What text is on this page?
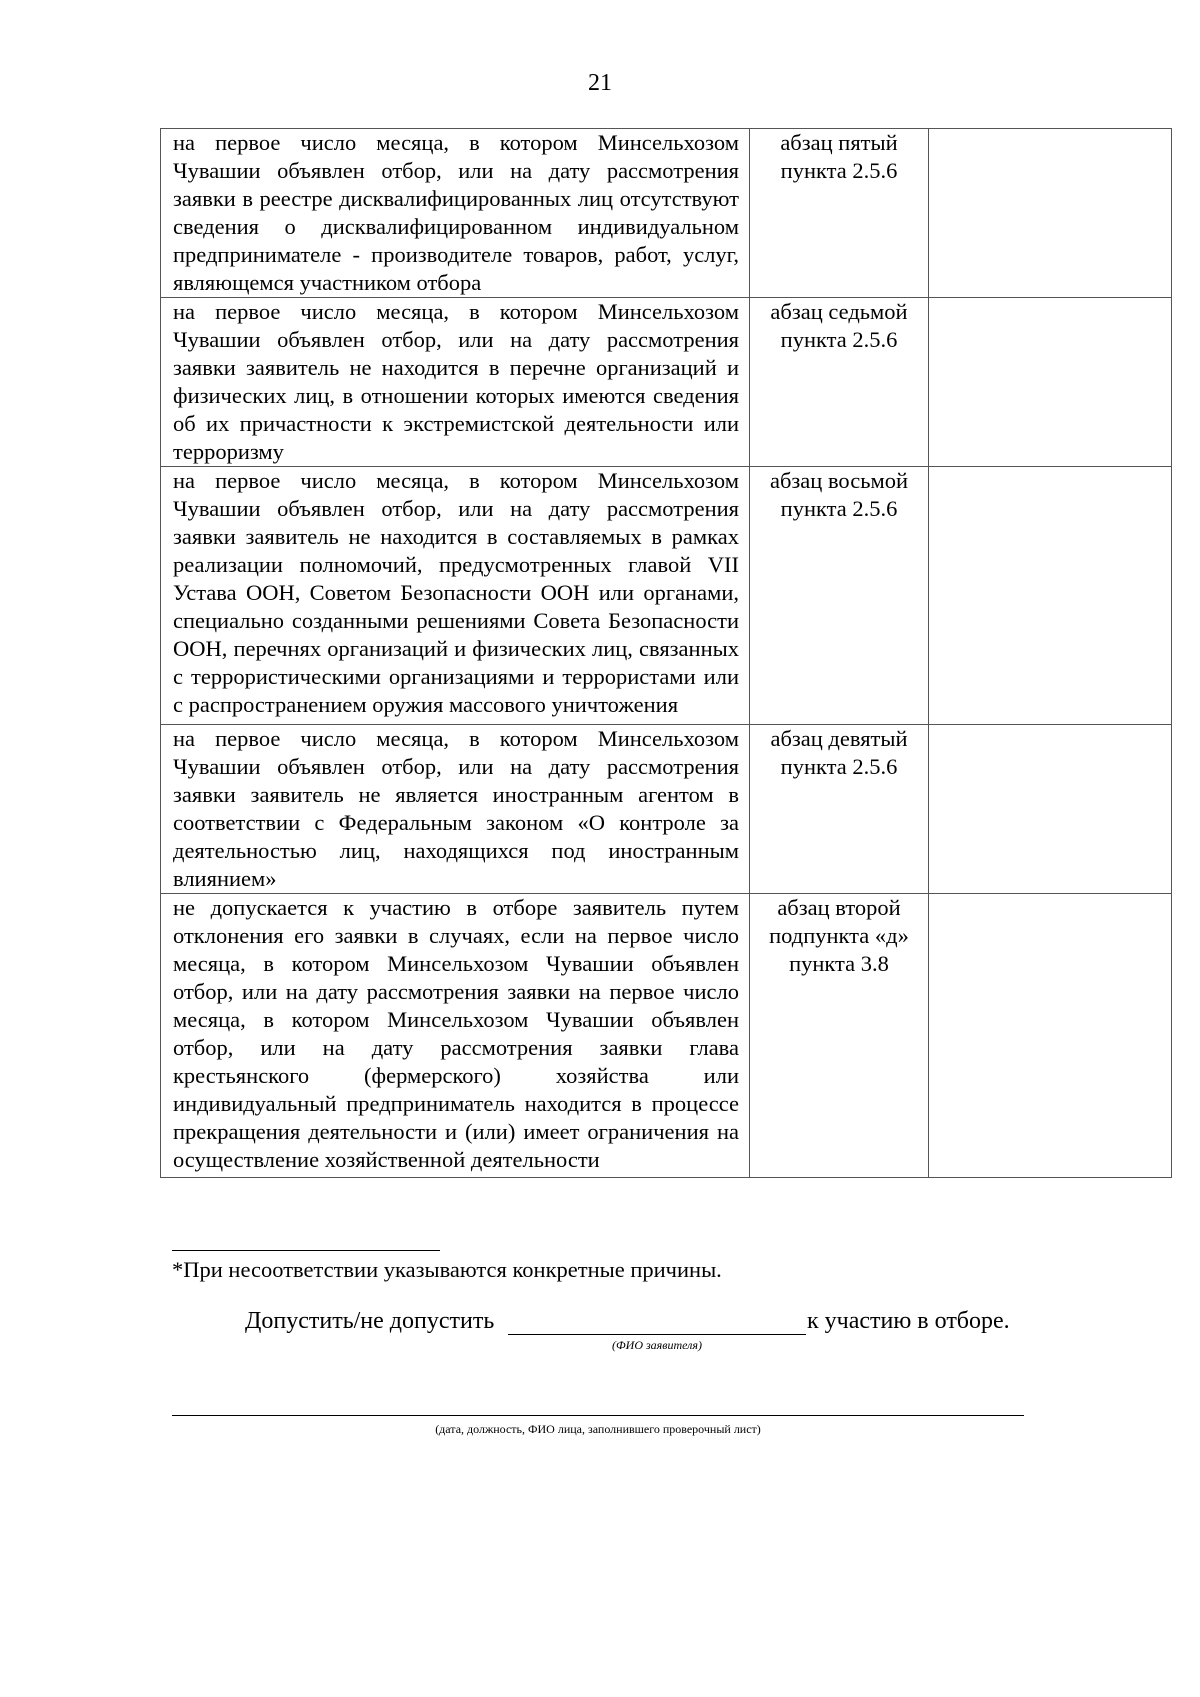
21
на первое число месяца, в котором Минсельхозом Чувашии объявлен отбор, или на дату рассмотрения заявки в реестре дисквалифицированных лиц отсутствуют сведения о дисквалифицированном индивидуальном предпринимателе - производителе товаров, работ, услуг, являющемся участником отбора	абзац пятый пункта 2.5.6	
на первое число месяца, в котором Минсельхозом Чувашии объявлен отбор, или на дату рассмотрения заявки заявитель не находится в перечне организаций и физических лиц, в отношении которых имеются сведения об их причастности к экстремистской деятельности или терроризму	абзац седьмой пункта 2.5.6	
на первое число месяца, в котором Минсельхозом Чувашии объявлен отбор, или на дату рассмотрения заявки заявитель не находится в составляемых в рамках реализации полномочий, предусмотренных главой VII Устава ООН, Советом Безопасности ООН или органами, специально созданными решениями Совета Безопасности ООН, перечнях организаций и физических лиц, связанных с террористическими организациями и террористами или с распространением оружия массового уничтожения	абзац восьмой пункта 2.5.6	
на первое число месяца, в котором Минсельхозом Чувашии объявлен отбор, или на дату рассмотрения заявки заявитель не является иностранным агентом в соответствии с Федеральным законом «О контроле за деятельностью лиц, находящихся под иностранным влиянием»	абзац девятый пункта 2.5.6	
не допускается к участию в отборе заявитель путем отклонения его заявки в случаях, если на первое число месяца, в котором Минсельхозом Чувашии объявлен отбор, или на дату рассмотрения заявки на первое число месяца, в котором Минсельхозом Чувашии объявлен отбор, или на дату рассмотрения заявки глава крестьянского (фермерского) хозяйства или индивидуальный предприниматель находится в процессе прекращения деятельности и (или) имеет ограничения на осуществление хозяйственной деятельности	абзац второй подпункта «д» пункта 3.8	
*При несоответствии указываются конкретные причины.
Допустить/не допустить	к участию в отборе.
(ФИО заявителя)
(дата, должность, ФИО лица, заполнившего проверочный лист)
